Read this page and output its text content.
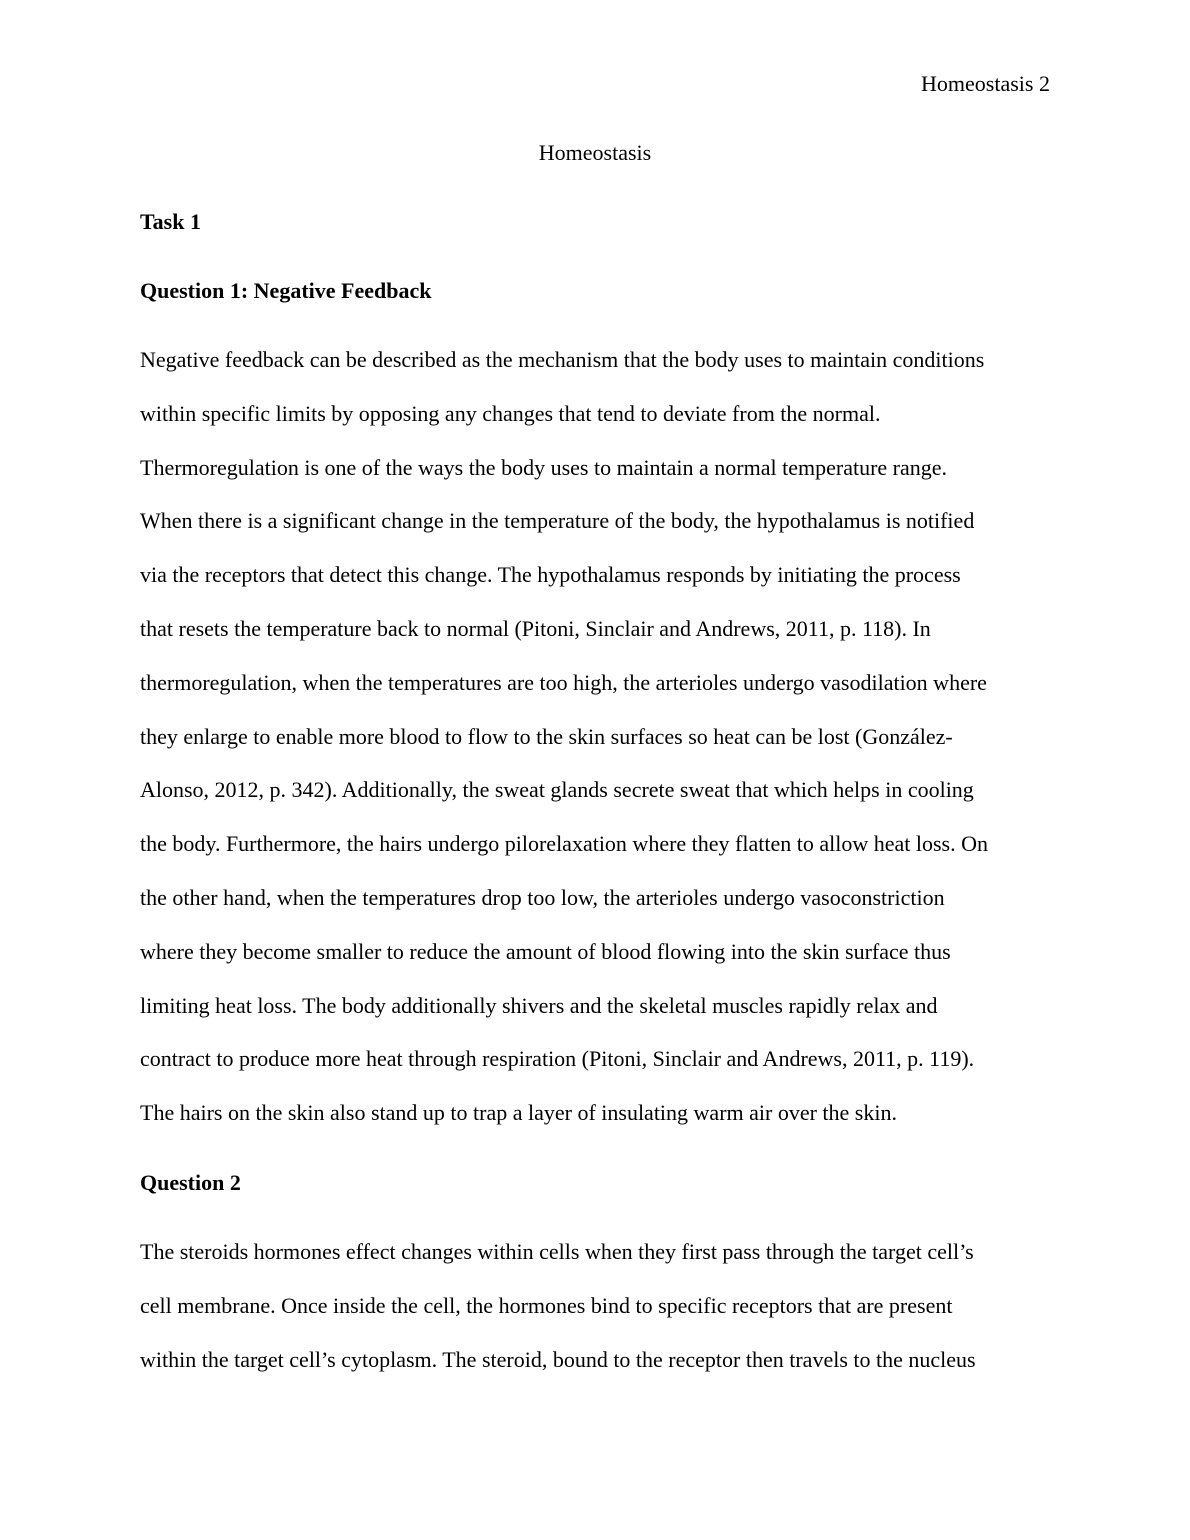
Homeostasis 2
Homeostasis
Task 1
Question 1: Negative Feedback
Negative feedback can be described as the mechanism that the body uses to maintain conditions
within specific limits by opposing any changes that tend to deviate from the normal.
Thermoregulation is one of the ways the body uses to maintain a normal temperature range.
When there is a significant change in the temperature of the body, the hypothalamus is notified
via the receptors that detect this change. The hypothalamus responds by initiating the process
that resets the temperature back to normal (Pitoni, Sinclair and Andrews, 2011, p. 118). In
thermoregulation, when the temperatures are too high, the arterioles undergo vasodilation where
they enlarge to enable more blood to flow to the skin surfaces so heat can be lost (González-
Alonso, 2012, p. 342). Additionally, the sweat glands secrete sweat that which helps in cooling
the body. Furthermore, the hairs undergo pilorelaxation where they flatten to allow heat loss. On
the other hand, when the temperatures drop too low, the arterioles undergo vasoconstriction
where they become smaller to reduce the amount of blood flowing into the skin surface thus
limiting heat loss. The body additionally shivers and the skeletal muscles rapidly relax and
contract to produce more heat through respiration (Pitoni, Sinclair and Andrews, 2011, p. 119).
The hairs on the skin also stand up to trap a layer of insulating warm air over the skin.
Question 2
The steroids hormones effect changes within cells when they first pass through the target cell’s
cell membrane. Once inside the cell, the hormones bind to specific receptors that are present
within the target cell’s cytoplasm. The steroid, bound to the receptor then travels to the nucleus
